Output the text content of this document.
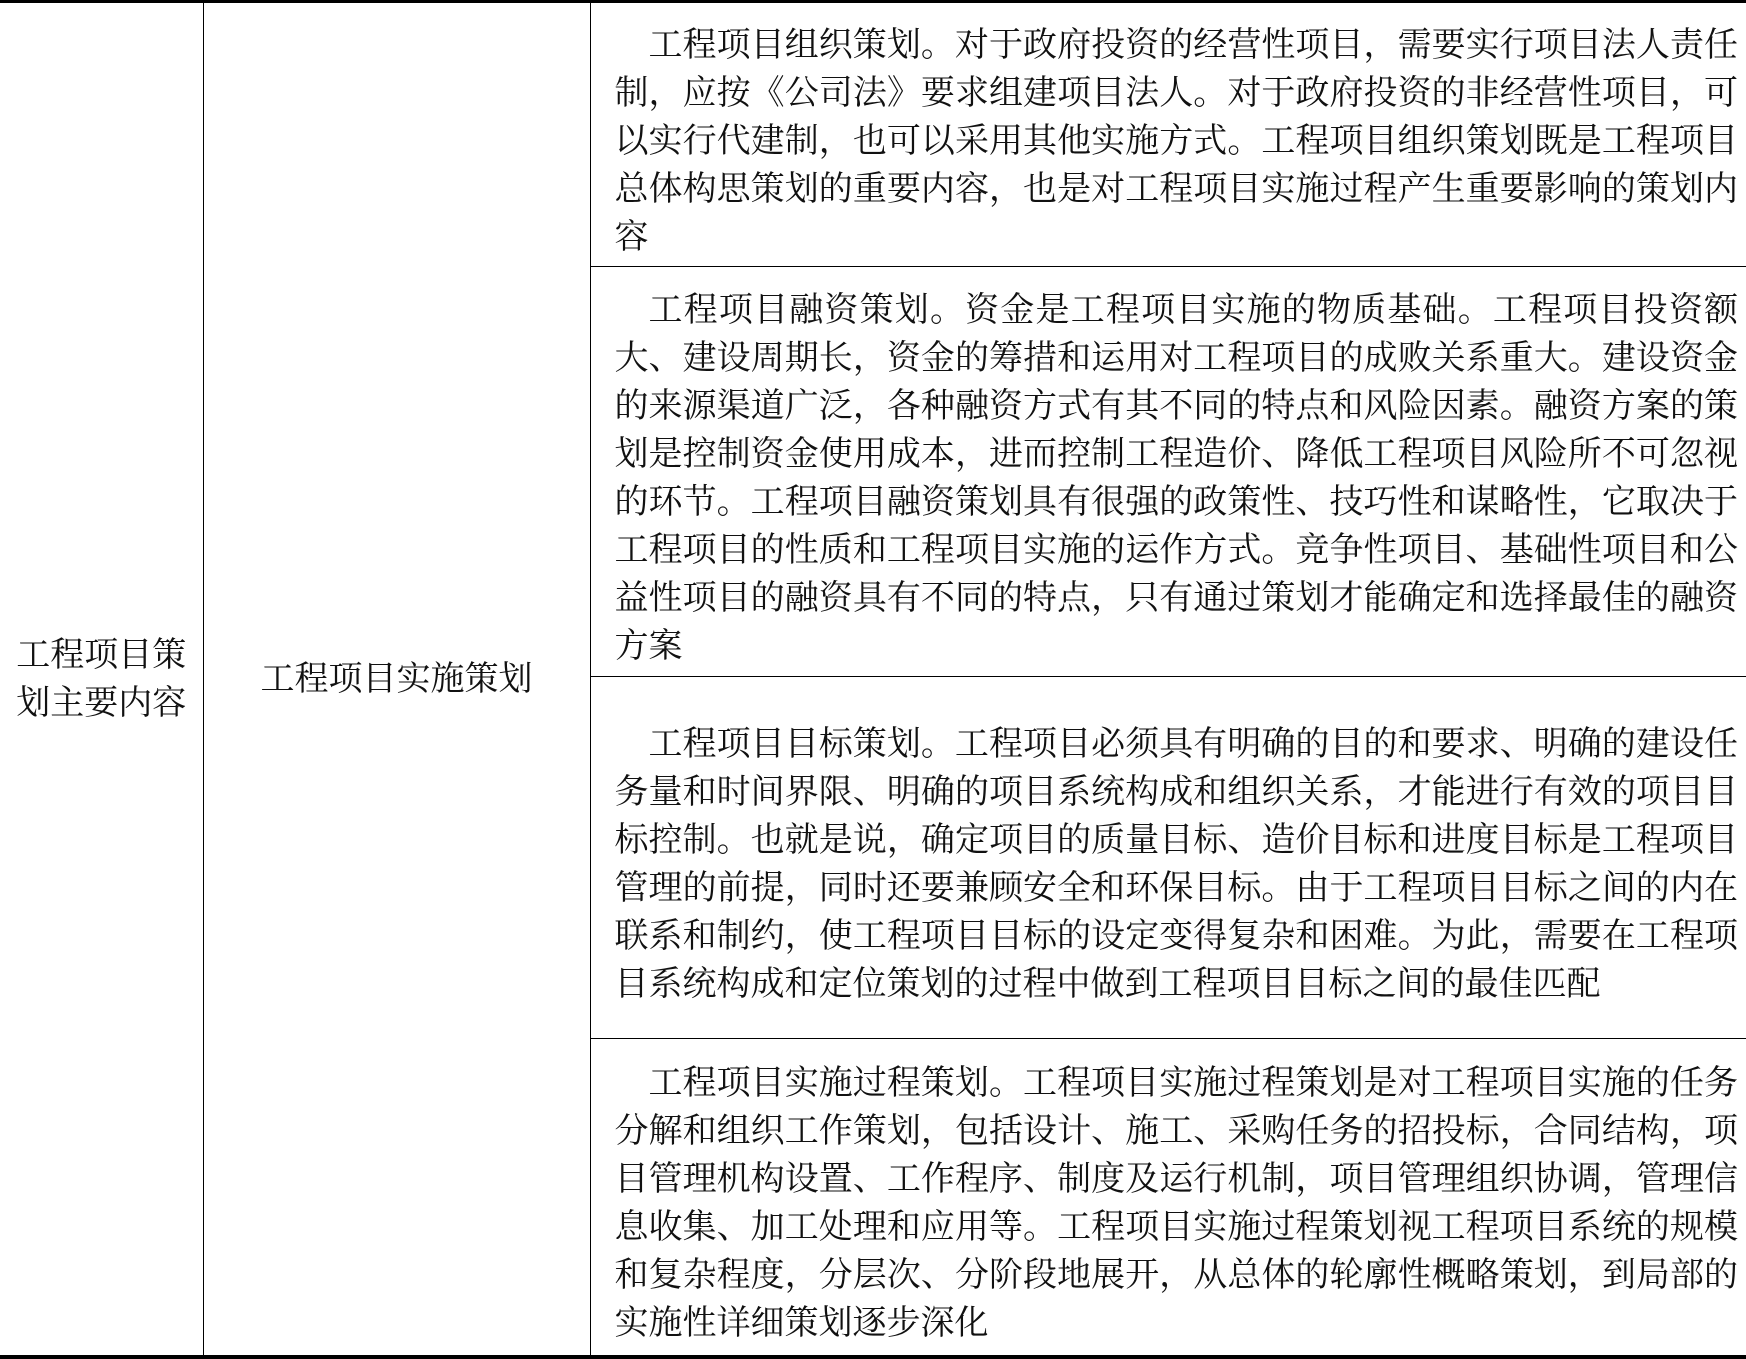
工程项目策划主要内容	工程项目实施策划	工程项目组织策划。对于政府投资的经营性项目，需要实行项目法人责任制，应按《公司法》要求组建项目法人。对于政府投资的非经营性项目，可以实行代建制，也可以采用其他实施方式。工程项目组织策划既是工程项目总体构思策划的重要内容，也是对工程项目实施过程产生重要影响的策划内容
工程项目融资策划。资金是工程项目实施的物质基础。工程项目投资额大、建设周期长，资金的筹措和运用对工程项目的成败关系重大。建设资金的来源渠道广泛，各种融资方式有其不同的特点和风险因素。融资方案的策划是控制资金使用成本，进而控制工程造价、降低工程项目风险所不可忽视的环节。工程项目融资策划具有很强的政策性、技巧性和谋略性，它取决于工程项目的性质和工程项目实施的运作方式。竞争性项目、基础性项目和公益性项目的融资具有不同的特点，只有通过策划才能确定和选择最佳的融资方案
工程项目目标策划。工程项目必须具有明确的目的和要求、明确的建设任务量和时间界限、明确的项目系统构成和组织关系，才能进行有效的项目目标控制。也就是说，确定项目的质量目标、造价目标和进度目标是工程项目管理的前提，同时还要兼顾安全和环保目标。由于工程项目目标之间的内在联系和制约，使工程项目目标的设定变得复杂和困难。为此，需要在工程项目系统构成和定位策划的过程中做到工程项目目标之间的最佳匹配
工程项目实施过程策划。工程项目实施过程策划是对工程项目实施的任务分解和组织工作策划，包括设计、施工、采购任务的招投标，合同结构，项目管理机构设置、工作程序、制度及运行机制，项目管理组织协调，管理信息收集、加工处理和应用等。工程项目实施过程策划视工程项目系统的规模和复杂程度，分层次、分阶段地展开，从总体的轮廓性概略策划，到局部的实施性详细策划逐步深化
